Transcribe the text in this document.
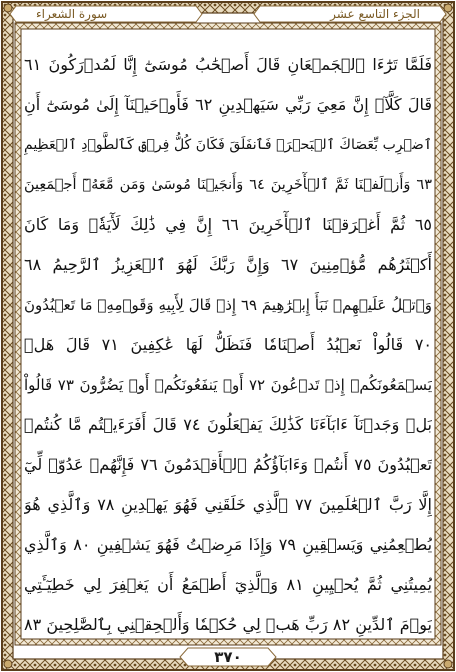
الجزء التاسع عشر
سورة الشعراء
فَلَمَّا تَرَٰٓءَا ٱلۡجَمۡعَانِ قَالَ أَصۡحَٰبُ مُوسَىٰٓ إِنَّا لَمُدۡرَكُونَ ٦١
قَالَ كَلَّآۖ إِنَّ مَعِيَ رَبِّي سَيَهۡدِينِ ٦٢ فَأَوۡحَيۡنَآ إِلَىٰ مُوسَىٰٓ أَنِ
ٱضۡرِب بِّعَصَاكَ ٱلۡبَحۡرَۖ فَٱنفَلَقَ فَكَانَ كُلُّ فِرۡقٖ كَٱلطَّوۡدِ ٱلۡعَظِيمِ
٦٣ وَأَزۡلَفۡنَا ثَمَّ ٱلۡأٓخَرِينَ ٦٤ وَأَنجَيۡنَا مُوسَىٰ وَمَن مَّعَهُۥٓ أَجۡمَعِينَ
٦٥ ثُمَّ أَغۡرَقۡنَا ٱلۡأٓخَرِينَ ٦٦ إِنَّ فِي ذَٰلِكَ لَأٓيَةٗۖ وَمَا كَانَ
أَكۡثَرُهُم مُّؤۡمِنِينَ ٦٧ وَإِنَّ رَبَّكَ لَهُوَ ٱلۡعَزِيزُ ٱلرَّحِيمُ ٦٨
وَٱتۡلُ عَلَيۡهِمۡ نَبَأَ إِبۡرَٰهِيمَ ٦٩ إِذۡ قَالَ لِأَبِيهِ وَقَوۡمِهِۦ مَا تَعۡبُدُونَ
٧٠ قَالُواْ نَعۡبُدُ أَصۡنَامٗا فَنَظَلُّ لَهَا عَٰكِفِينَ ٧١ قَالَ هَلۡ
يَسۡمَعُونَكُمۡ إِذۡ تَدۡعُونَ ٧٢ أَوۡ يَنفَعُونَكُمۡ أَوۡ يَضُرُّونَ ٧٣ قَالُواْ
بَلۡ وَجَدۡنَآ ءَابَآءَنَا كَذَٰلِكَ يَفۡعَلُونَ ٧٤ قَالَ أَفَرَءَيۡتُم مَّا كُنتُمۡ
تَعۡبُدُونَ ٧٥ أَنتُمۡ وَءَابَآؤُكُمُ ٱلۡأَقۡدَمُونَ ٧٦ فَإِنَّهُمۡ عَدُوّٞ لِّيٓ
إِلَّا رَبَّ ٱلۡعَٰلَمِينَ ٧٧ ٱلَّذِي خَلَقَنِي فَهُوَ يَهۡدِينِ ٧٨ وَٱلَّذِي هُوَ
يُطۡعِمُنِي وَيَسۡقِينِ ٧٩ وَإِذَا مَرِضۡتُ فَهُوَ يَشۡفِينِ ٨٠ وَٱلَّذِي
يُمِيتُنِي ثُمَّ يُحۡيِينِ ٨١ وَٱلَّذِيٓ أَطۡمَعُ أَن يَغۡفِرَ لِي خَطِيٓـَٔتِي
يَوۡمَ ٱلدِّينِ ٨٢ رَبِّ هَبۡ لِي حُكۡمٗا وَأَلۡحِقۡنِي بِٱلصَّٰلِحِينَ ٨٣
٣٧٠
